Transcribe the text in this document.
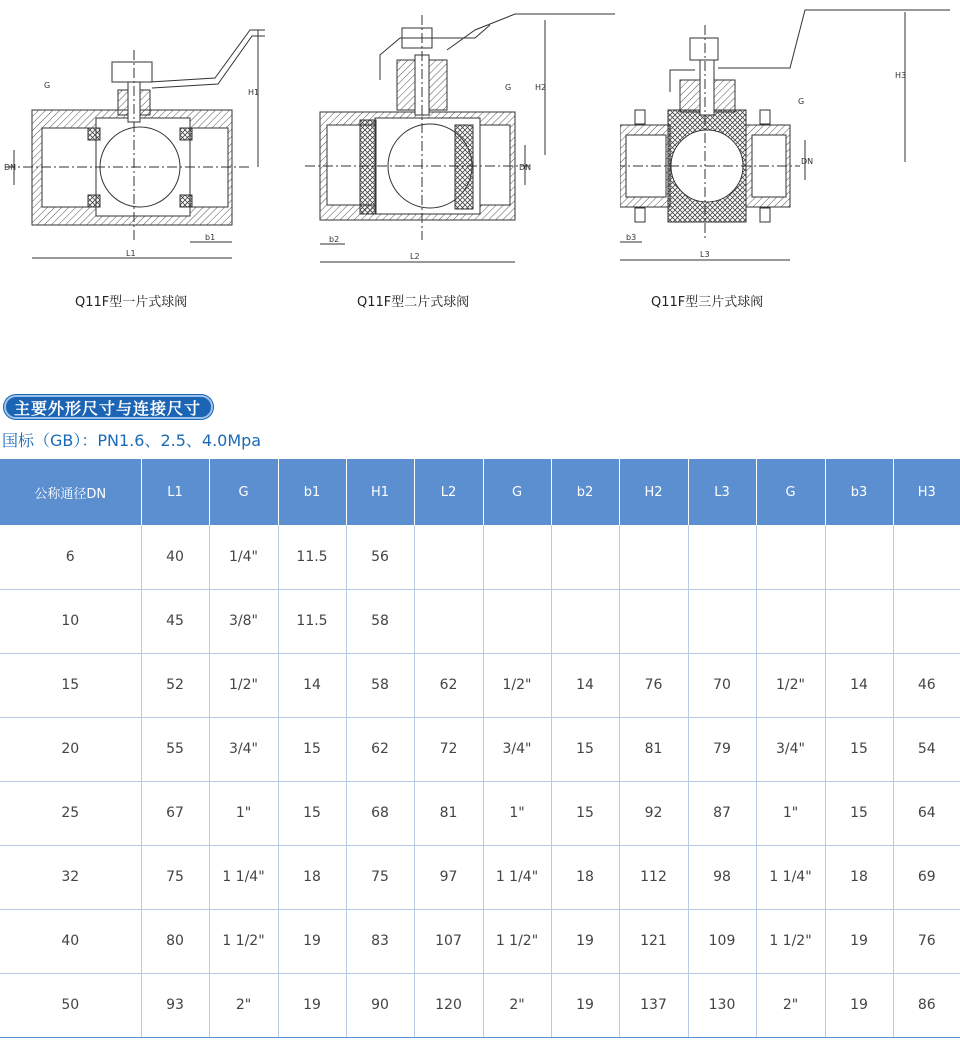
G
DN
H1
L1
b1
Q11F型一片式球阀
G
DN
H2
L2
b2
Q11F型二片式球阀
G
DN
H3
L3
b3
Q11F型三片式球阀
主要外形尺寸与连接尺寸
国标（GB）：PN1.6、2.5、4.0Mpa
公称通径DN	L1	G	b1	H1	L2	G	b2	H2	L3	G	b3	H3
6	40	1/4"	11.5	56								
10	45	3/8"	11.5	58								
15	52	1/2"	14	58	62	1/2"	14	76	70	1/2"	14	46
20	55	3/4"	15	62	72	3/4"	15	81	79	3/4"	15	54
25	67	1"	15	68	81	1"	15	92	87	1"	15	64
32	75	1 1/4"	18	75	97	1 1/4"	18	112	98	1 1/4"	18	69
40	80	1 1/2"	19	83	107	1 1/2"	19	121	109	1 1/2"	19	76
50	93	2"	19	90	120	2"	19	137	130	2"	19	86
